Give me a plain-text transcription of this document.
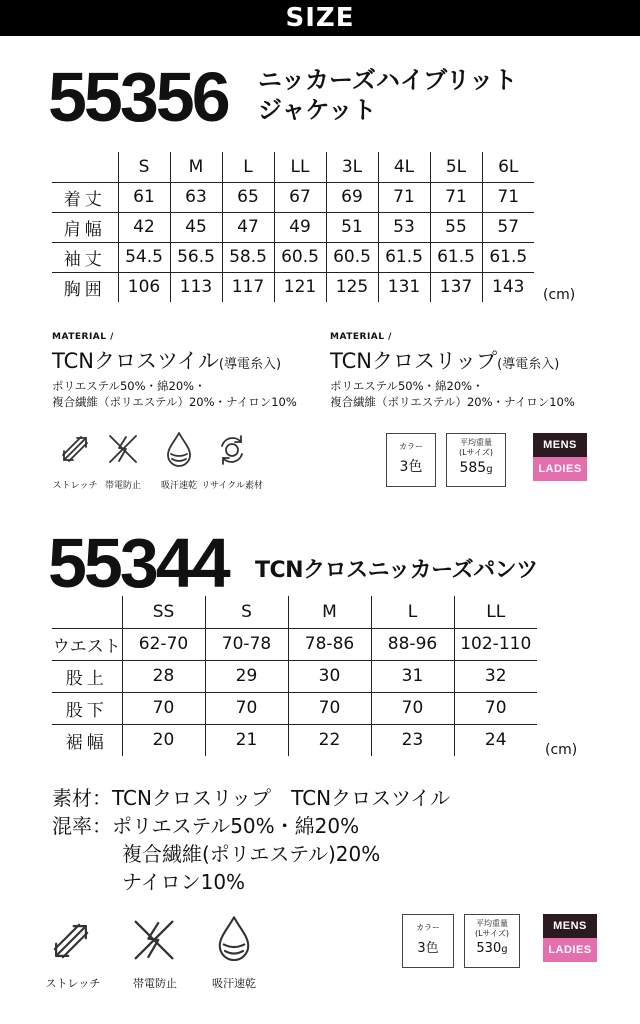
SIZE
55356 ニッカーズハイブリット
ジャケット
	S	M	L	LL	3L	4L	5L	6L
着丈	61	63	65	67	69	71	71	71
肩幅	42	45	47	49	51	53	55	57
袖丈	54.5	56.5	58.5	60.5	60.5	61.5	61.5	61.5
胸囲	106	113	117	121	125	131	137	143 (cm)
MATERIAL /
TCNクロスツイル(導電糸入)
ポリエステル50%・綿20%・
複合繊維（ポリエステル）20%・ナイロン10%
MATERIAL /
TCNクロスリップ(導電糸入)
ポリエステル50%・綿20%・
複合繊維（ポリエステル）20%・ナイロン10%
ストレッチ 帯電防止	吸汗速乾 リサイクル素材
カラー
3色
平均重量
(Lサイズ)
585g
MENS
LADIES
55344 TCNクロスニッカーズパンツ
	SS	S	M	L	LL
ウエスト	62-70	70-78	78-86	88-96	102-110
股上	28	29	30	31	32
股下	70	70	70	70	70
裾幅	20	21	22	23	24	(cm)
素材：TCNクロスリップ　TCNクロスツイル
混率：ポリエステル50%・綿20%
複合繊維(ポリエステル)20%
ナイロン10%
ストレッチ	帯電防止	吸汗速乾
カラー
3色
平均重量
(Lサイズ)
530g
MENS
LADIES
